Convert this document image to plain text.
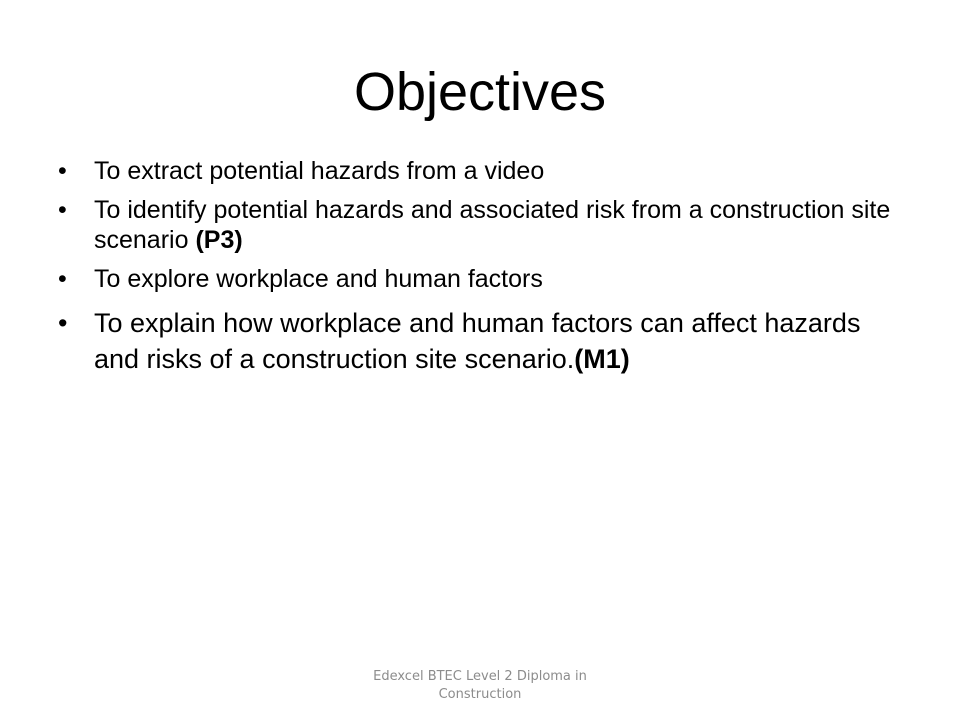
Objectives
• To extract potential hazards from a video
• To identify potential hazards and associated risk from a construction site scenario (P3)
• To explore workplace and human factors
• To explain how workplace and human factors can affect hazards and risks of a construction site scenario.(M1)
Edexcel BTEC Level 2 Diploma in Construction
